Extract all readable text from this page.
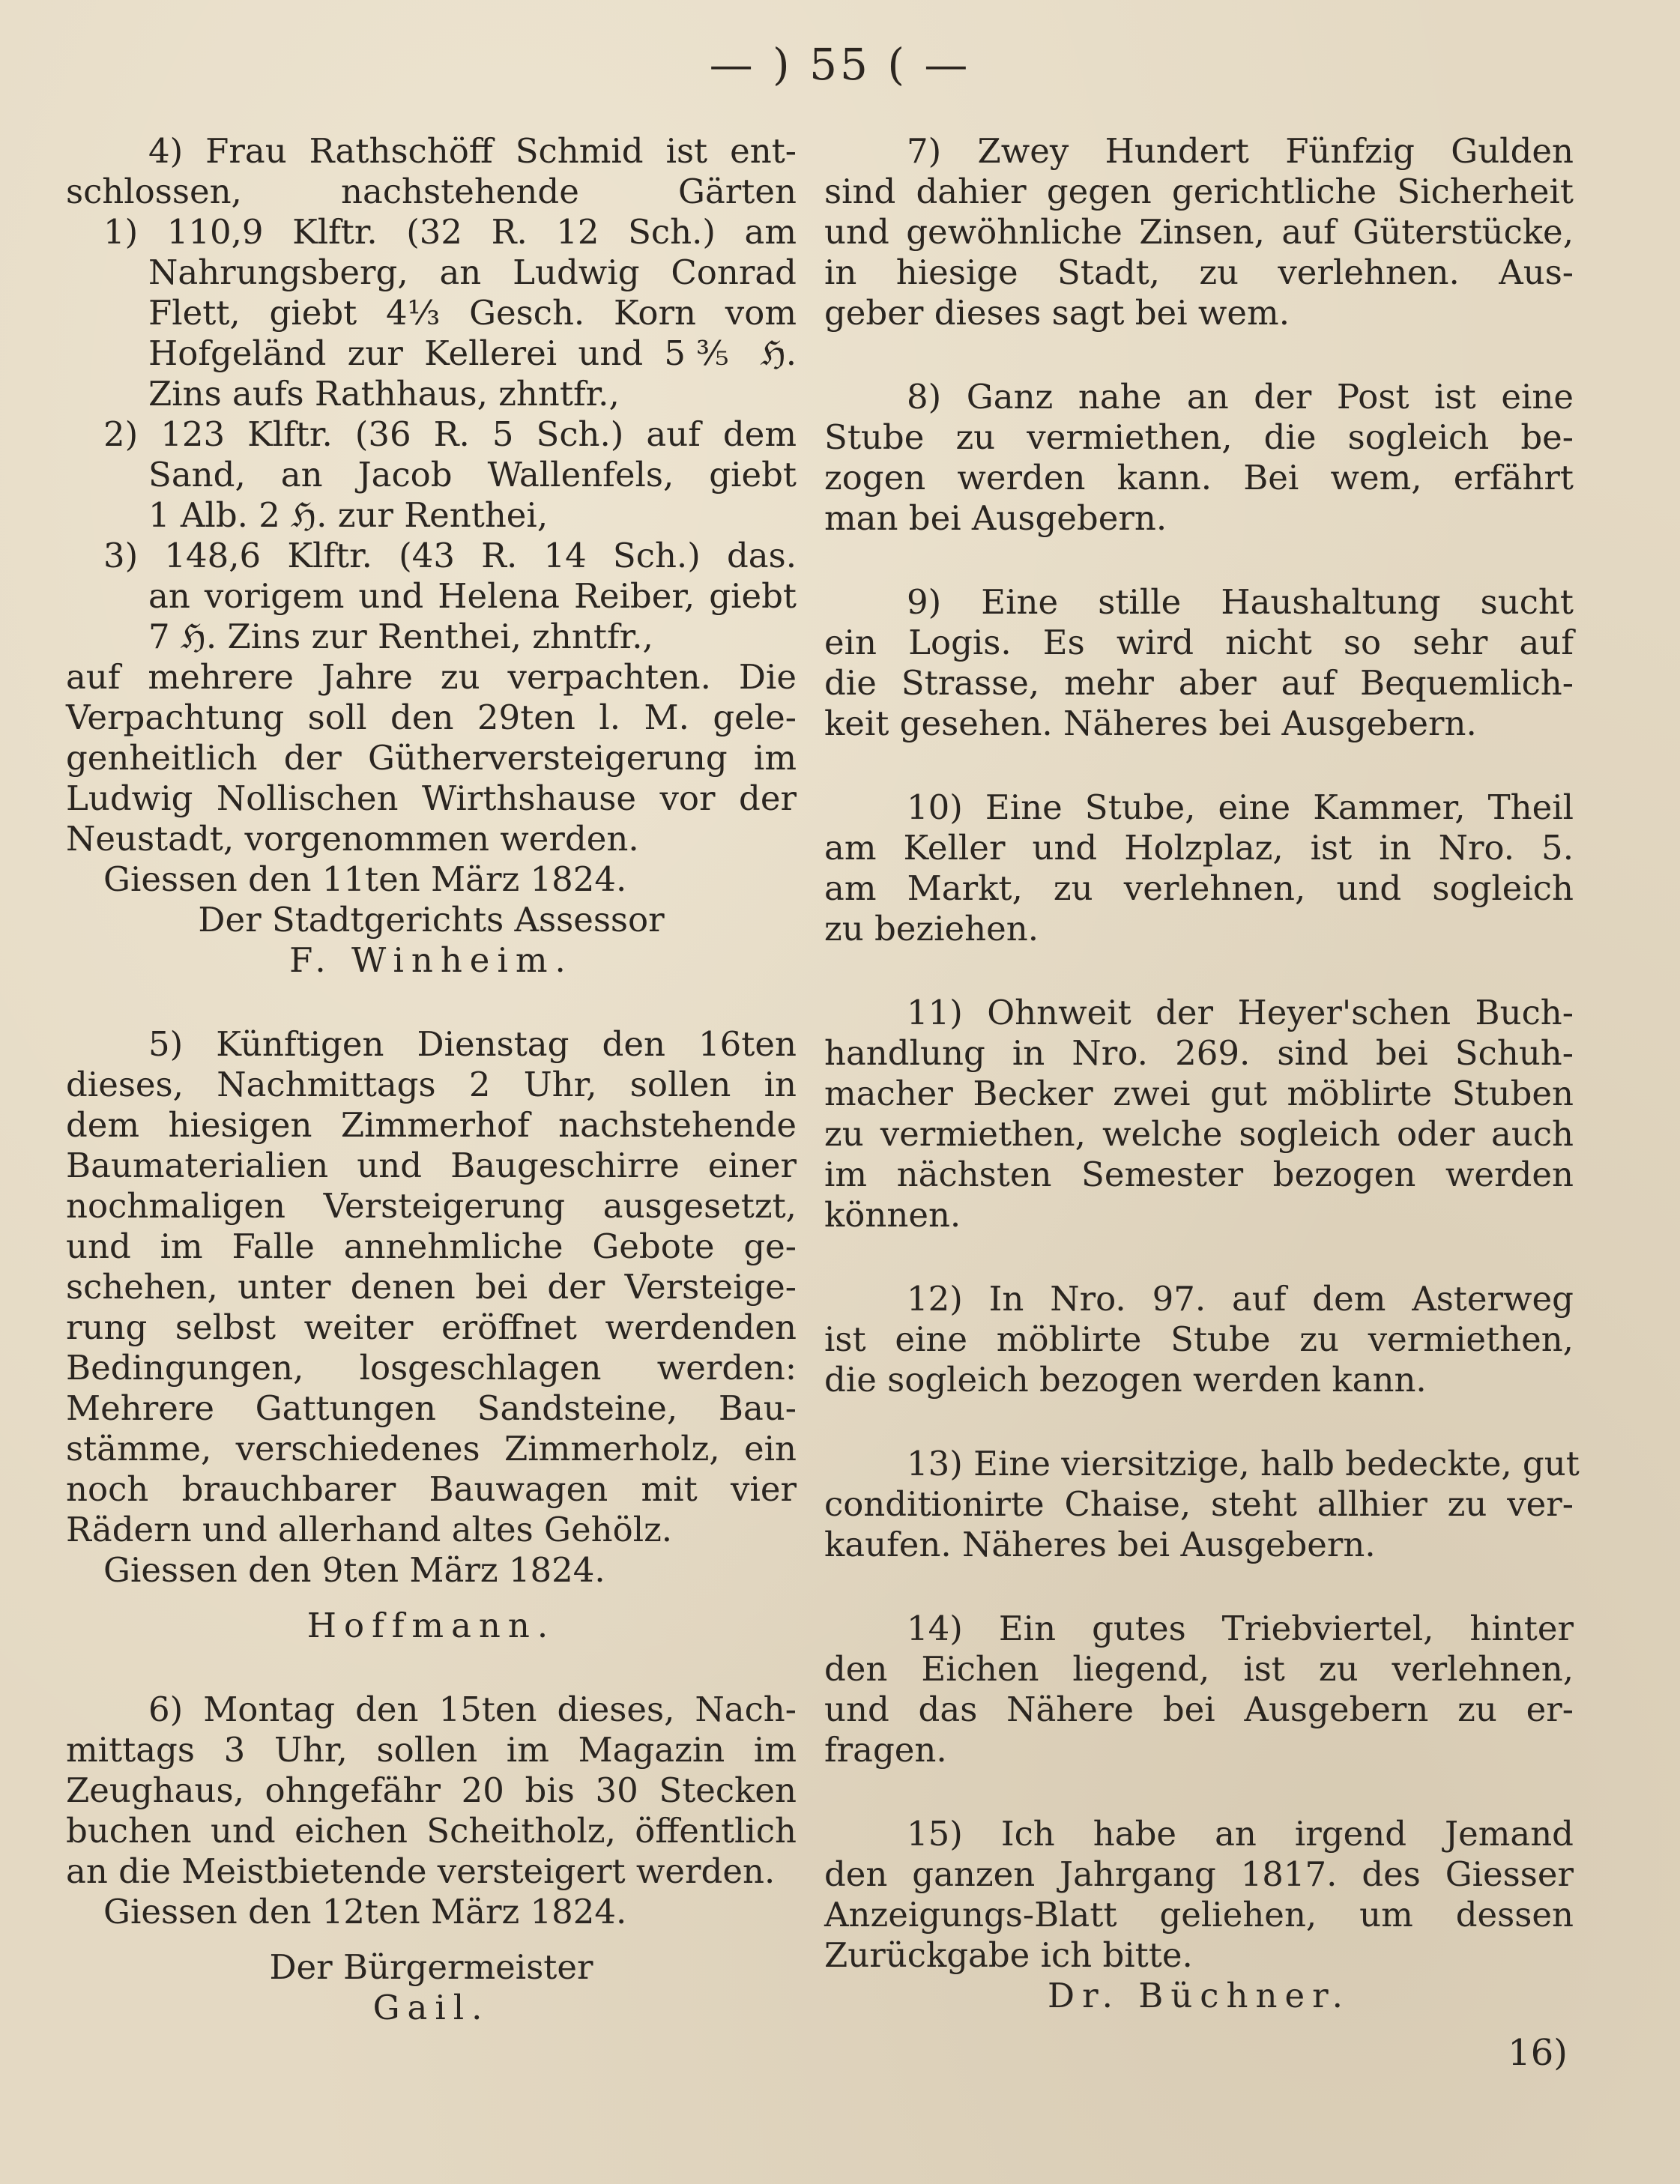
— ) 55 ( —
4) Frau Rathschöff Schmid ist ent-
schlossen, nachstehende Gärten
1) 110,9 Klftr. (32 R. 12 Sch.) am
Nahrungsberg, an Ludwig Conrad
Flett, giebt 4⅓ Gesch. Korn vom
Hofgeländ zur Kellerei und 5⅗ ℌ.
Zins aufs Rathhaus, zhntfr.,
2) 123 Klftr. (36 R. 5 Sch.) auf dem
Sand, an Jacob Wallenfels, giebt
1 Alb. 2 ℌ. zur Renthei,
3) 148,6 Klftr. (43 R. 14 Sch.) das.
an vorigem und Helena Reiber, giebt
7 ℌ. Zins zur Renthei, zhntfr.,
auf mehrere Jahre zu verpachten. Die
Verpachtung soll den 29ten l. M. gele-
genheitlich der Gütherversteigerung im
Ludwig Nollischen Wirthshause vor der
Neustadt, vorgenommen werden.
Giessen den 11ten März 1824.
Der Stadtgerichts Assessor
F. Winheim.
5) Künftigen Dienstag den 16ten
dieses, Nachmittags 2 Uhr, sollen in
dem hiesigen Zimmerhof nachstehende
Baumaterialien und Baugeschirre einer
nochmaligen Versteigerung ausgesetzt,
und im Falle annehmliche Gebote ge-
schehen, unter denen bei der Versteige-
rung selbst weiter eröffnet werdenden
Bedingungen, losgeschlagen werden:
Mehrere Gattungen Sandsteine, Bau-
stämme, verschiedenes Zimmerholz, ein
noch brauchbarer Bauwagen mit vier
Rädern und allerhand altes Gehölz.
Giessen den 9ten März 1824.
Hoffmann.
6) Montag den 15ten dieses, Nach-
mittags 3 Uhr, sollen im Magazin im
Zeughaus, ohngefähr 20 bis 30 Stecken
buchen und eichen Scheitholz, öffentlich
an die Meistbietende versteigert werden.
Giessen den 12ten März 1824.
Der Bürgermeister
Gail.
7) Zwey Hundert Fünfzig Gulden
sind dahier gegen gerichtliche Sicherheit
und gewöhnliche Zinsen, auf Güterstücke,
in hiesige Stadt, zu verlehnen. Aus-
geber dieses sagt bei wem.
8) Ganz nahe an der Post ist eine
Stube zu vermiethen, die sogleich be-
zogen werden kann. Bei wem, erfährt
man bei Ausgebern.
9) Eine stille Haushaltung sucht
ein Logis. Es wird nicht so sehr auf
die Strasse, mehr aber auf Bequemlich-
keit gesehen. Näheres bei Ausgebern.
10) Eine Stube, eine Kammer, Theil
am Keller und Holzplaz, ist in Nro. 5.
am Markt, zu verlehnen, und sogleich
zu beziehen.
11) Ohnweit der Heyer'schen Buch-
handlung in Nro. 269. sind bei Schuh-
macher Becker zwei gut möblirte Stuben
zu vermiethen, welche sogleich oder auch
im nächsten Semester bezogen werden
können.
12) In Nro. 97. auf dem Asterweg
ist eine möblirte Stube zu vermiethen,
die sogleich bezogen werden kann.
13) Eine viersitzige, halb bedeckte, gut
conditionirte Chaise, steht allhier zu ver-
kaufen. Näheres bei Ausgebern.
14) Ein gutes Triebviertel, hinter
den Eichen liegend, ist zu verlehnen,
und das Nähere bei Ausgebern zu er-
fragen.
15) Ich habe an irgend Jemand
den ganzen Jahrgang 1817. des Giesser
Anzeigungs-Blatt geliehen, um dessen
Zurückgabe ich bitte.
Dr. Büchner.
16)
